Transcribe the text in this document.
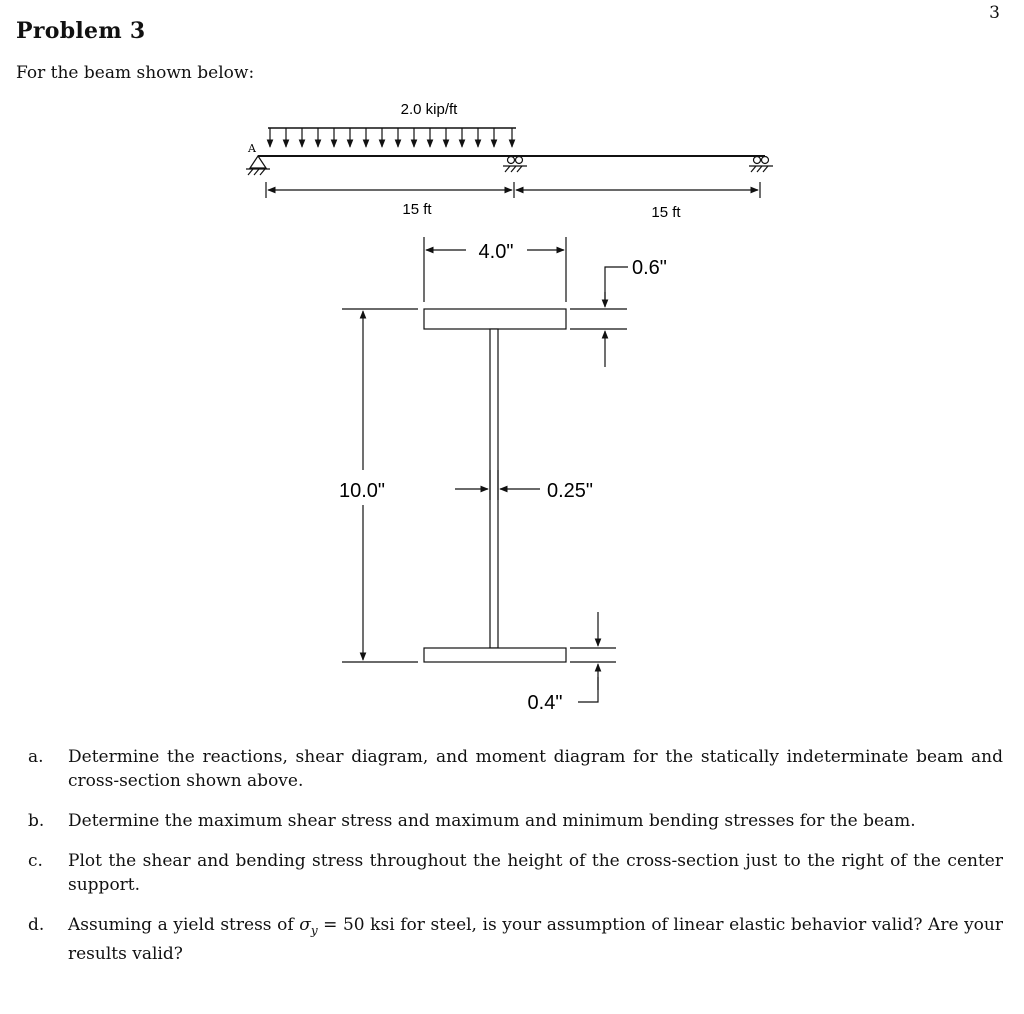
3
Problem 3
For the beam shown below:
2.0 kip/ft
A
15 ft	15 ft
4.0"
0.6"
10.0"	0.25"
0.4"
a.	Determine the reactions, shear diagram, and moment diagram for the statically indeterminate beam and cross-section shown above.
b.	Determine the maximum shear stress and maximum and minimum bending stresses for the beam.
c.	Plot the shear and bending stress throughout the height of the cross-section just to the right of the center support.
d.	Assuming a yield stress of $\sigma_y = 50$ ksi for steel, is your assumption of linear elastic behavior valid? Are your results valid?
